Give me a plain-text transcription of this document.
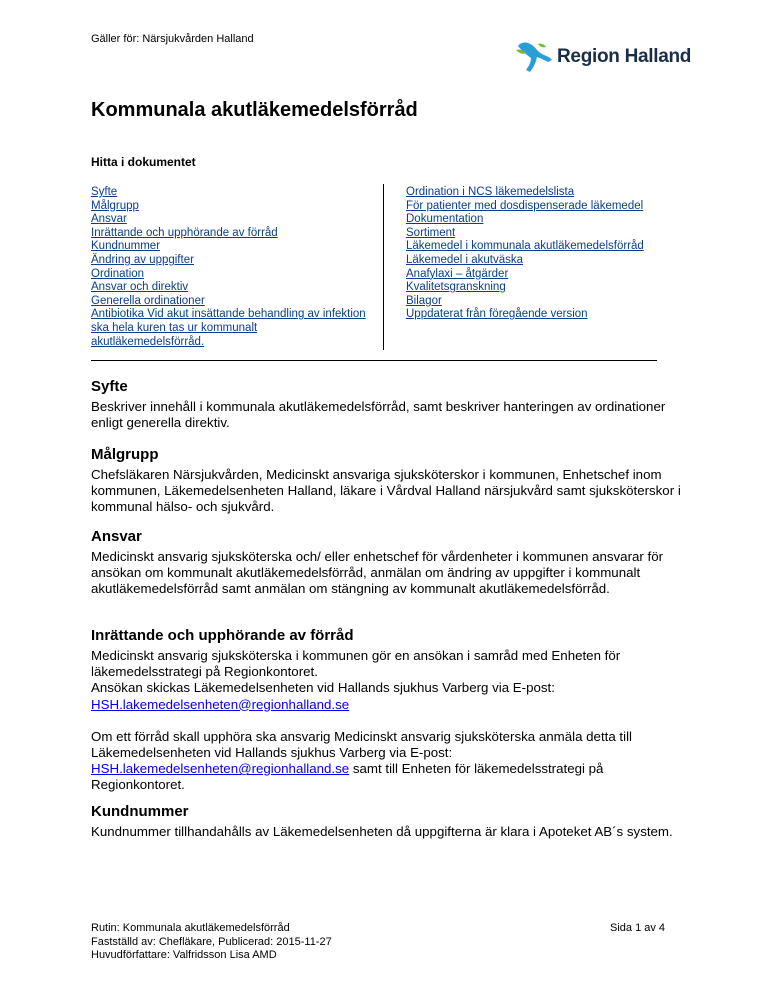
Gäller för: Närsjukvården Halland
Region Halland
Kommunala akutläkemedelsförråd
Hitta i dokumentet
Syfte
Målgrupp
Ansvar
Inrättande och upphörande av förråd
Kundnummer
Ändring av uppgifter
Ordination
Ansvar och direktiv
Generella ordinationer
Antibiotika Vid akut insättande behandling av infektion ska hela kuren tas ur kommunalt akutläkemedelsförråd.
Ordination i NCS läkemedelslista
För patienter med dosdispenserade läkemedel
Dokumentation
Sortiment
Läkemedel i kommunala akutläkemedelsförråd
Läkemedel i akutväska
Anafylaxi – åtgärder
Kvalitetsgranskning
Bilagor
Uppdaterat från föregående version
Syfte

Beskriver innehåll i kommunala akutläkemedelsförråd, samt beskriver hanteringen av ordinationer enligt generella direktiv.

Målgrupp

Chefsläkaren Närsjukvården, Medicinskt ansvariga sjuksköterskor i kommunen, Enhetschef inom kommunen, Läkemedelsenheten Halland, läkare i Vårdval Halland närsjukvård samt sjuksköterskor i kommunal hälso- och sjukvård.

Ansvar

Medicinskt ansvarig sjuksköterska och/ eller enhetschef för vårdenheter i kommunen ansvarar för ansökan om kommunalt akutläkemedelsförråd, anmälan om ändring av uppgifter i kommunalt akutläkemedelsförråd samt anmälan om stängning av kommunalt akutläkemedelsförråd.

Inrättande och upphörande av förråd

Medicinskt ansvarig sjuksköterska i kommunen gör en ansökan i samråd med Enheten för läkemedelsstrategi på Regionkontoret.
Ansökan skickas Läkemedelsenheten vid Hallands sjukhus Varberg via E-post:
HSH.lakemedelsenheten@regionhalland.se

Om ett förråd skall upphöra ska ansvarig Medicinskt ansvarig sjuksköterska anmäla detta till Läkemedelsenheten vid Hallands sjukhus Varberg via E-post:
HSH.lakemedelsenheten@regionhalland.se samt till Enheten för läkemedelsstrategi på Regionkontoret.

Kundnummer

Kundnummer tillhandahålls av Läkemedelsenheten då uppgifterna är klara i Apoteket AB´s system.

Rutin: Kommunala akutläkemedelsförråd
Fastställd av: Chefläkare, Publicerad: 2015-11-27
Huvudförfattare: Valfridsson Lisa AMD
Sida 1 av 4
